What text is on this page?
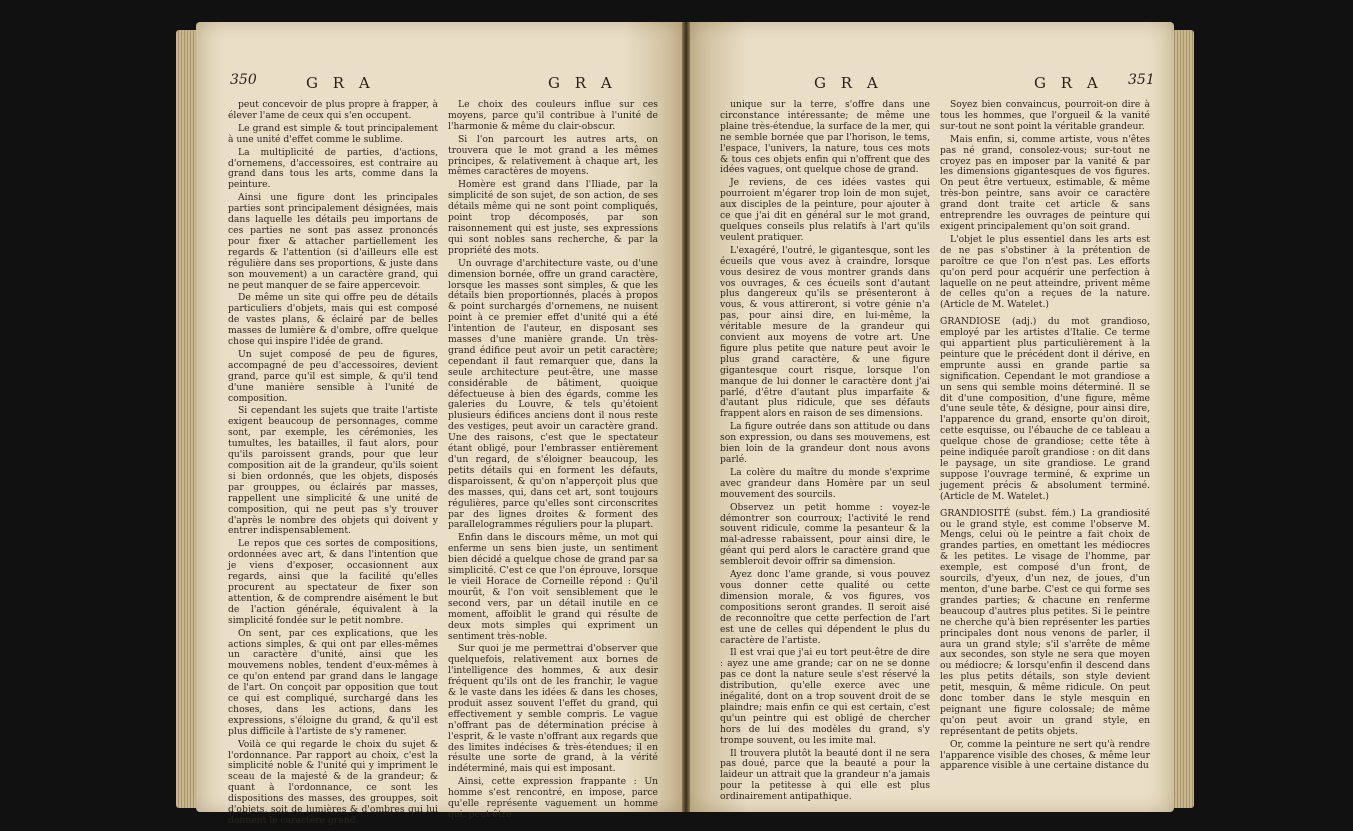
350	G R A	G R A

peut concevoir de plus propre à frapper, à élever l'ame de ceux qui s'en occupent.

Le grand est simple & tout principalement à une unité d'effet comme le sublime.

La multiplicité de parties, d'actions, d'ornemens, d'accessoires, est contraire au grand dans tous les arts, comme dans la peinture.

Ainsi une figure dont les principales parties sont principalement désignées, mais dans laquelle les détails peu importans de ces parties ne sont pas assez prononcés pour fixer & attacher partiellement les regards & l'attention (si d'ailleurs elle est régulière dans ses proportions, & juste dans son mouvement) a un caractère grand, qui ne peut manquer de se faire appercevoir.

De même un site qui offre peu de détails particuliers d'objets, mais qui est composé de vastes plans, & éclairé par de belles masses de lumière & d'ombre, offre quelque chose qui inspire l'idée de grand.

Un sujet composé de peu de figures, accompagné de peu d'accessoires, devient grand, parce qu'il est simple, & qu'il tend d'une manière sensible à l'unité de composition.

Si cependant les sujets que traite l'artiste exigent beaucoup de personnages, comme sont, par exemple, les cérémonies, les tumultes, les batailles, il faut alors, pour qu'ils paroissent grands, pour que leur composition ait de la grandeur, qu'ils soient si bien ordonnés, que les objets, disposés par grouppes, ou éclairés par masses, rappellent une simplicité & une unité de composition, qui ne peut pas s'y trouver d'après le nombre des objets qui doivent y entrer indispensablement.

Le repos que ces sortes de compositions, ordonnées avec art, & dans l'intention que je viens d'exposer, occasionnent aux regards, ainsi que la facilité qu'elles procurent au spectateur de fixer son attention, & de comprendre aisément le but de l'action générale, équivalent à la simplicité fondée sur le petit nombre.

On sent, par ces explications, que les actions simples, & qui ont par elles-mêmes un caractère d'unité, ainsi que les mouvemens nobles, tendent d'eux-mêmes à ce qu'on entend par grand dans le langage de l'art. On conçoit par opposition que tout ce qui est compliqué, surchargé dans les choses, dans les actions, dans les expressions, s'éloigne du grand, & qu'il est plus difficile à l'artiste de s'y ramener.

Voilà ce qui regarde le choix du sujet & l'ordonnance. Par rapport au choix, c'est la simplicité noble & l'unité qui y impriment le sceau de la majesté & de la grandeur; & quant à l'ordonnance, ce sont les dispositions des masses, des grouppes, soit d'objets, soit de lumières & d'ombres qui lui donnent le caractère grand.

Le choix des couleurs influe sur ces moyens, parce qu'il contribue à l'unité de l'harmonie & même du clair-obscur.

Si l'on parcourt les autres arts, on trouvera que le mot grand a les mêmes principes, & relativement à chaque art, les mêmes caractères de moyens.

Homère est grand dans l'Iliade, par la simplicité de son sujet, de son action, de ses détails même qui ne sont point compliqués, point trop décomposés, par son raisonnement qui est juste, ses expressions qui sont nobles sans recherche, & par la propriété des mots.

Un ouvrage d'architecture vaste, ou d'une dimension bornée, offre un grand caractère, lorsque les masses sont simples, & que les détails bien proportionnés, placés à propos & point surchargés d'ornemens, ne nuisent point à ce premier effet d'unité qui a été l'intention de l'auteur, en disposant ses masses d'une manière grande. Un très-grand édifice peut avoir un petit caractère; cependant il faut remarquer que, dans la seule architecture peut-être, une masse considérable de bâtiment, quoique défectueuse à bien des égards, comme les galeries du Louvre, & tels qu'étoient plusieurs édifices anciens dont il nous reste des vestiges, peut avoir un caractère grand. Une des raisons, c'est que le spectateur étant obligé, pour l'embrasser entièrement d'un regard, de s'éloigner beaucoup, les petits détails qui en forment les défauts, disparoissent, & qu'on n'apperçoit plus que des masses, qui, dans cet art, sont toujours régulières, parce qu'elles sont circonscrites par des lignes droites & forment des parallelogrammes réguliers pour la plupart.

Enfin dans le discours même, un mot qui enferme un sens bien juste, un sentiment bien décidé a quelque chose de grand par sa simplicité. C'est ce que l'on éprouve, lorsque le vieil Horace de Corneille répond : Qu'il mourût, & l'on voit sensiblement que le second vers, par un détail inutile en ce moment, affoiblit le grand qui résulte de deux mots simples qui expriment un sentiment très-noble.

Sur quoi je me permettrai d'observer que quelquefois, relativement aux bornes de l'intelligence des hommes, & aux desir fréquent qu'ils ont de les franchir, le vague & le vaste dans les idées & dans les choses, produit assez souvent l'effet du grand, qui effectivement y semble compris. Le vague n'offrant pas de détermination précise à l'esprit, & le vaste n'offrant aux regards que des limites indécises & très-étendues; il en résulte une sorte de grand, à la vérité indéterminé, mais qui est imposant.

Ainsi, cette expression frappante : Un homme s'est rencontré, en impose, parce qu'elle représente vaguement un homme qui, peut-être

G R A	G R A 351

unique sur la terre, s'offre dans une circonstance intéressante; de même une plaine très-étendue, la surface de la mer, qui ne semble bornée que par l'horison, le tems, l'espace, l'univers, la nature, tous ces mots & tous ces objets enfin qui n'offrent que des idées vagues, ont quelque chose de grand.

Je reviens, de ces idées vastes qui pourroient m'égarer trop loin de mon sujet, aux disciples de la peinture, pour ajouter à ce que j'ai dit en général sur le mot grand, quelques conseils plus relatifs à l'art qu'ils veulent pratiquer.

L'exagéré, l'outré, le gigantesque, sont les écueils que vous avez à craindre, lorsque vous desirez de vous montrer grands dans vos ouvrages, & ces écueils sont d'autant plus dangereux qu'ils se présenteront à vous, & vous attireront, si votre génie n'a pas, pour ainsi dire, en lui-même, la véritable mesure de la grandeur qui convient aux moyens de votre art. Une figure plus petite que nature peut avoir le plus grand caractère, & une figure gigantesque court risque, lorsque l'on manque de lui donner le caractère dont j'ai parlé, d'être d'autant plus imparfaite & d'autant plus ridicule, que ses défauts frappent alors en raison de ses dimensions.

La figure outrée dans son attitude ou dans son expression, ou dans ses mouvemens, est bien loin de la grandeur dont nous avons parlé.

La colère du maître du monde s'exprime avec grandeur dans Homère par un seul mouvement des sourcils.

Observez un petit homme : voyez-le démontrer son courroux; l'activité le rend souvent ridicule, comme la pesanteur & la mal-adresse rabaissent, pour ainsi dire, le géant qui perd alors le caractère grand que sembleroit devoir offrir sa dimension.

Ayez donc l'ame grande, si vous pouvez vous donner cette qualité ou cette dimension morale, & vos figures, vos compositions seront grandes. Il seroit aisé de reconnoître que cette perfection de l'art est une de celles qui dépendent le plus du caractère de l'artiste.

Il est vrai que j'ai eu tort peut-être de dire : ayez une ame grande; car on ne se donne pas ce dont la nature seule s'est réservé la distribution, qu'elle exerce avec une inégalité, dont on a trop souvent droit de se plaindre; mais enfin ce qui est certain, c'est qu'un peintre qui est obligé de chercher hors de lui des modèles du grand, s'y trompe souvent, ou les imite mal.

Il trouvera plutôt la beauté dont il ne sera pas doué, parce que la beauté a pour la laideur un attrait que la grandeur n'a jamais pour la petitesse à qui elle est plus ordinairement antipathique.

Soyez bien convaincus, pourroit-on dire à tous les hommes, que l'orgueil & la vanité sur-tout ne sont point la véritable grandeur.

Mais enfin, si, comme artiste, vous n'êtes pas né grand, consolez-vous; sur-tout ne croyez pas en imposer par la vanité & par les dimensions gigantesques de vos figures. On peut être vertueux, estimable, & même très-bon peintre, sans avoir ce caractère grand dont traite cet article & sans entreprendre les ouvrages de peinture qui exigent principalement qu'on soit grand.

L'objet le plus essentiel dans les arts est de ne pas s'obstiner à la prétention de paroître ce que l'on n'est pas. Les efforts qu'on perd pour acquérir une perfection à laquelle on ne peut atteindre, privent même de celles qu'on a reçues de la nature. (Article de M. Watelet.)

GRANDIOSE (adj.) du mot grandioso, employé par les artistes d'Italie. Ce terme qui appartient plus particulièrement à la peinture que le précédent dont il dérive, en emprunte aussi en grande partie sa signification. Cependant le mot grandiose a un sens qui semble moins déterminé. Il se dit d'une composition, d'une figure, même d'une seule tête, & désigne, pour ainsi dire, l'apparence du grand, ensorte qu'on diroit, cette esquisse, ou l'ébauche de ce tableau a quelque chose de grandiose; cette tête à peine indiquée paroît grandiose : on dit dans le paysage, un site grandiose. Le grand suppose l'ouvrage terminé, & exprime un jugement précis & absolument terminé. (Article de M. Watelet.)

GRANDIOSITÉ (subst. fém.) La grandiosité ou le grand style, est comme l'observe M. Mengs, celui où le peintre a fait choix de grandes parties, en omettant les médiocres & les petites. Le visage de l'homme, par exemple, est composé d'un front, de sourcils, d'yeux, d'un nez, de joues, d'un menton, d'une barbe. C'est ce qui forme ses grandes parties; & chacune en renferme beaucoup d'autres plus petites. Si le peintre ne cherche qu'à bien représenter les parties principales dont nous venons de parler, il aura un grand style; s'il s'arrête de même aux secondes, son style ne sera que moyen ou médiocre; & lorsqu'enfin il descend dans les plus petits détails, son style devient petit, mesquin, & même ridicule. On peut donc tomber dans le style mesquin en peignant une figure colossale; de même qu'on peut avoir un grand style, en représentant de petits objets.

Or, comme la peinture ne sert qu'à rendre l'apparence visible des choses, & même leur apparence visible à une certaine distance du
